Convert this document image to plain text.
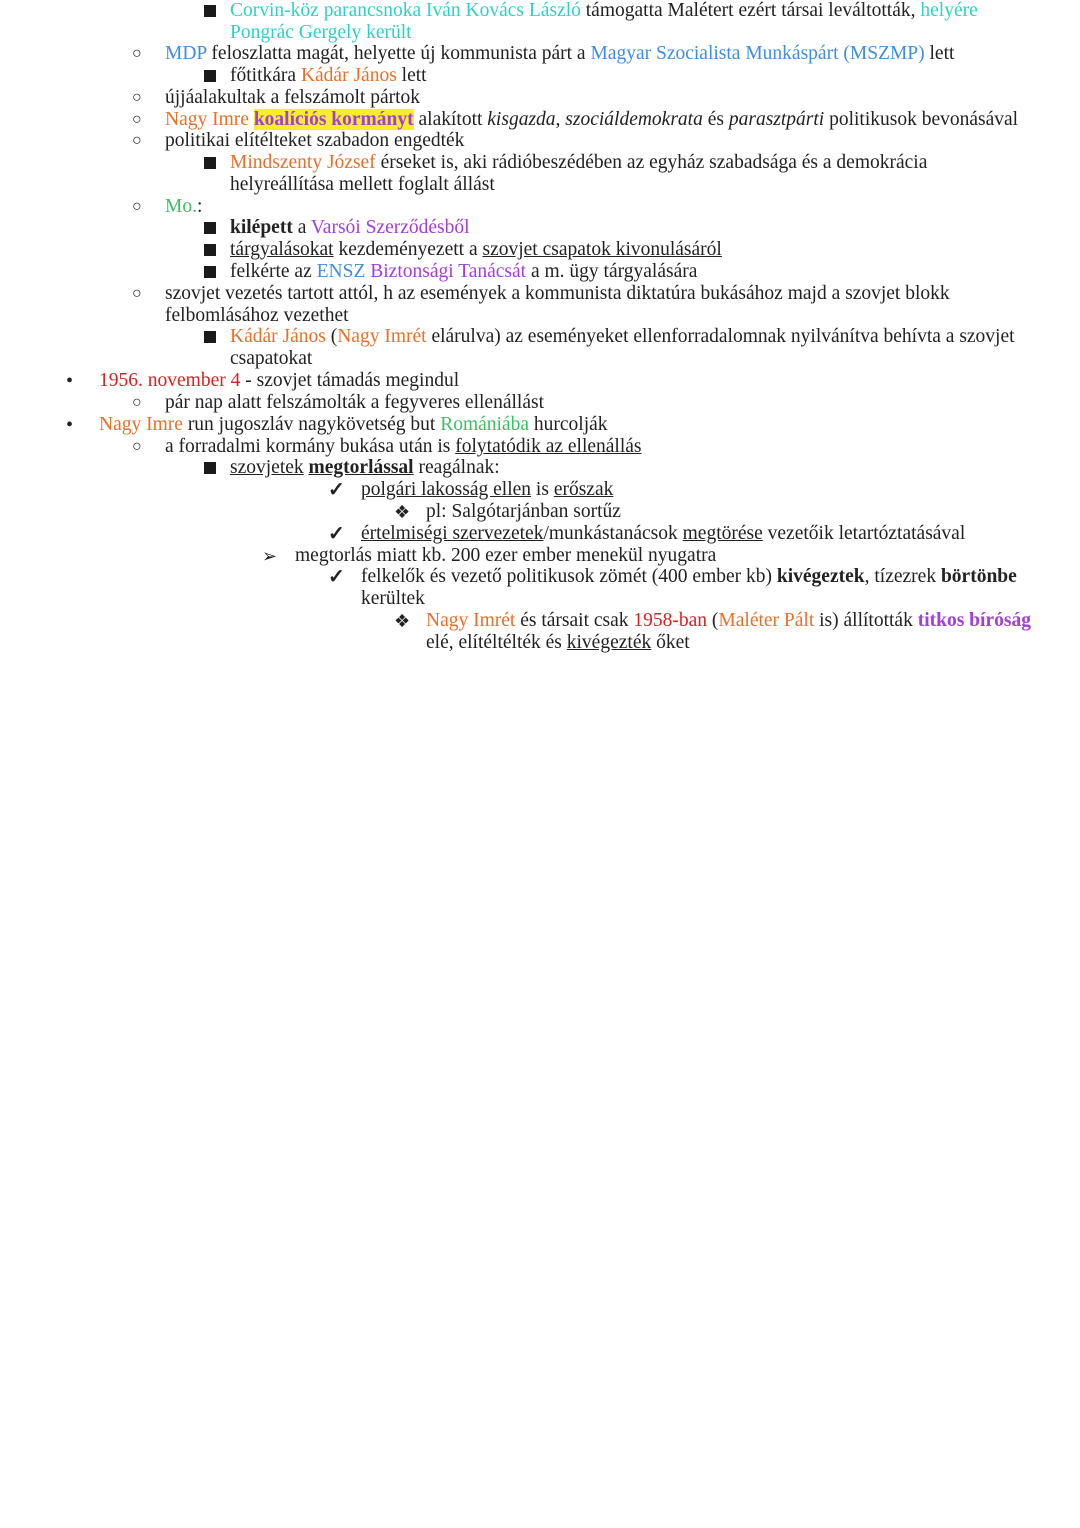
Corvin-köz parancsnoka Iván Kovács László támogatta Malétert ezért társai leváltották, helyére
Pongrác Gergely került
○ MDP feloszlatta magát, helyette új kommunista párt a Magyar Szocialista Munkáspárt (MSZMP) lett
főtitkára Kádár János lett
○ újjáalakultak a felszámolt pártok
○ Nagy Imre koalíciós kormányt alakított kisgazda, szociáldemokrata és parasztpárti politikusok bevonásával
○ politikai elítélteket szabadon engedték
Mindszenty József érseket is, aki rádióbeszédében az egyház szabadsága és a demokrácia
helyreállítása mellett foglalt állást
○ Mo.:
kilépett a Varsói Szerződésből
tárgyalásokat kezdeményezett a szovjet csapatok kivonulásáról
felkérte az ENSZ Biztonsági Tanácsát a m. ügy tárgyalására
○ szovjet vezetés tartott attól, h az események a kommunista diktatúra bukásához majd a szovjet blokk
felbomlásához vezethet
Kádár János (Nagy Imrét elárulva) az eseményeket ellenforradalomnak nyilvánítva behívta a szovjet
csapatokat
• 1956. november 4 - szovjet támadás megindul
○ pár nap alatt felszámolták a fegyveres ellenállást
• Nagy Imre run jugoszláv nagykövetség but Romániába hurcolják
○ a forradalmi kormány bukása után is folytatódik az ellenállás
szovjetek megtorlással reagálnak:
✓ polgári lakosság ellen is erőszak
❖ pl: Salgótarjánban sortűz
✓ értelmiségi szervezetek/munkástanácsok megtörése vezetőik letartóztatásával
➢ megtorlás miatt kb. 200 ezer ember menekül nyugatra
✓ felkelők és vezető politikusok zömét (400 ember kb) kivégeztek, tízezrek börtönbe
kerültek
❖ Nagy Imrét és társait csak 1958-ban (Maléter Pált is) állították titkos bíróság
elé, elítéltélték és kivégezték őket
